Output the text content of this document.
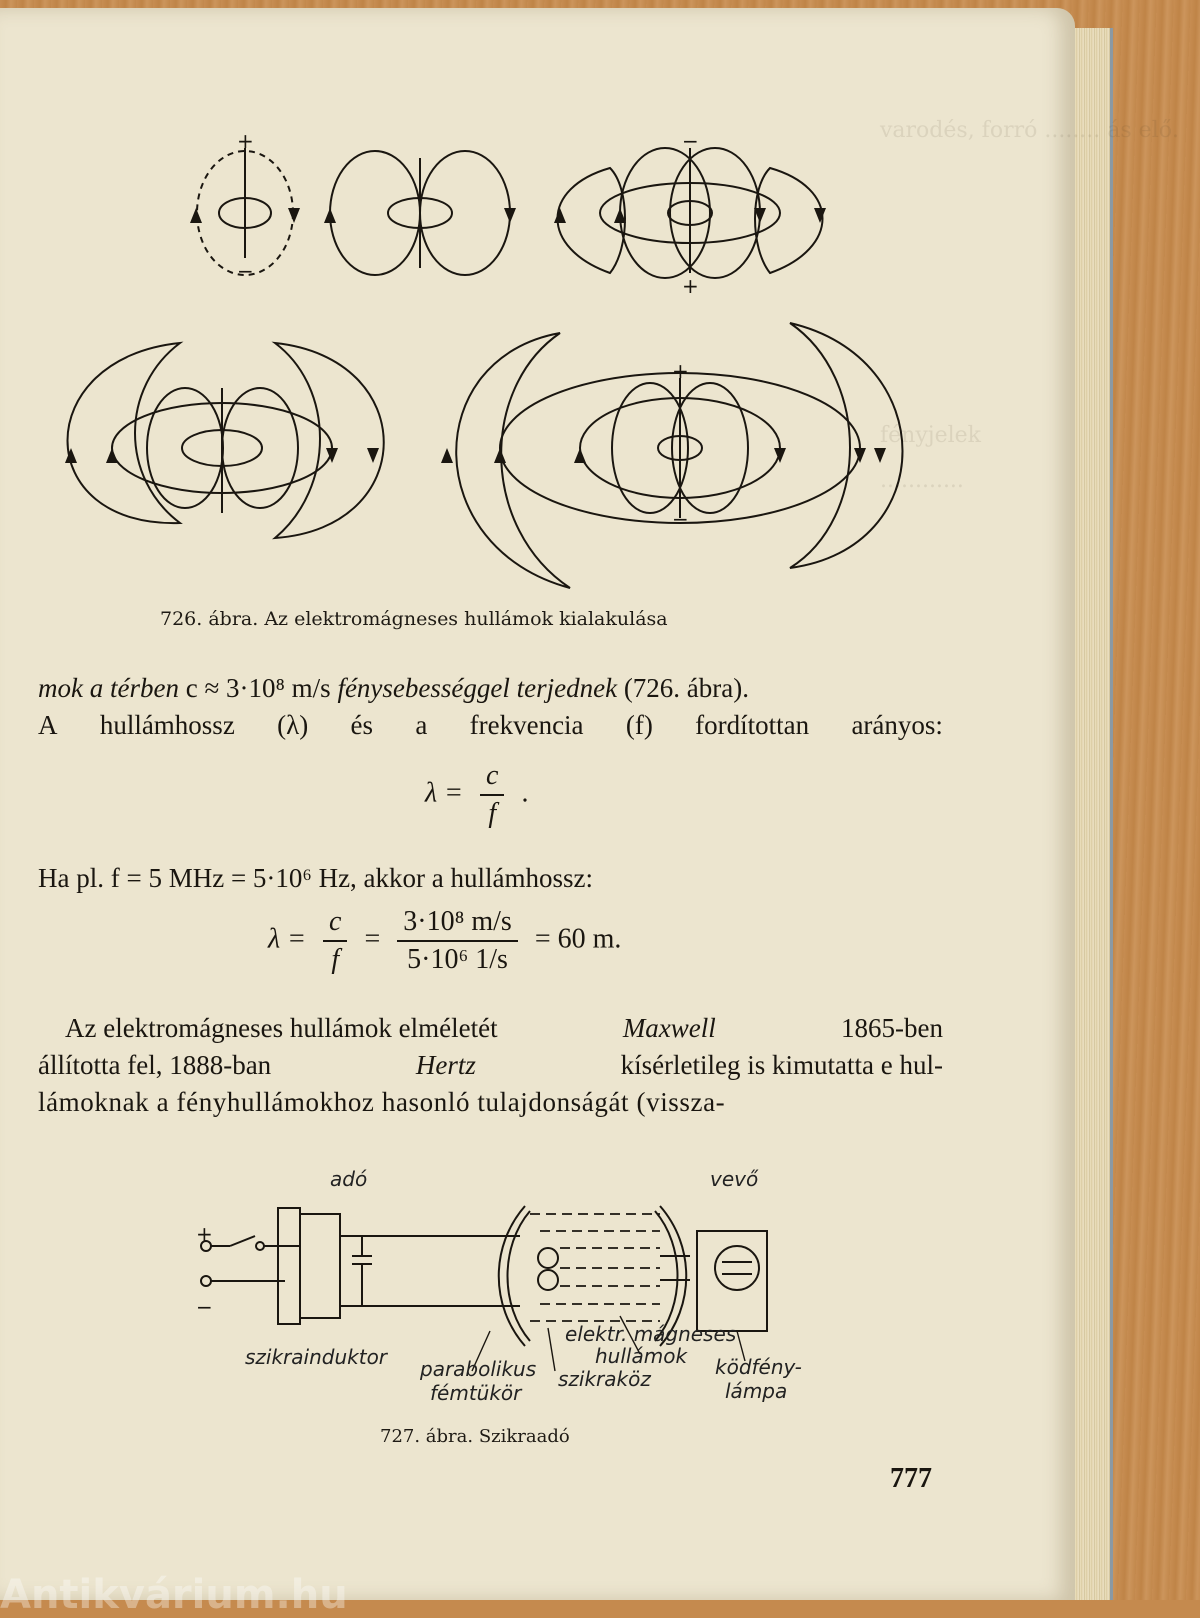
varodés, forró ........ ás elő.
fényjelek
............
+
−
−
+
+
−
726. ábra. Az elektromágneses hullámok kialakulása
mok a térben c ≈ 3·10⁸ m/s fénysebességgel terjednek (726. ábra).
A hullámhossz (λ) és a frekvencia (f) fordítottan arányos:
$\lambda = \frac{c}{f}$ .
Ha pl. f = 5 MHz = 5·10⁶ Hz, akkor a hullámhossz:
$\lambda = \frac{c}{f} = \frac{\text{3·10⁸ m/s}}{\text{5·10⁶ 1/s}} = 60$ m.
Az elektromágneses hullámok elméletét	Maxwell	1865-ben
állította fel, 1888-ban	Hertz	kísérletileg is kimutatta e hul-
lámoknak a fényhullámokhoz hasonló tulajdonságát (vissza-
+
−
adó	vevő
szikrainduktor parabolikus
fémtükör
elektr. mágneses
hullámok
szikraköz	ködfény-
lámpa
727. ábra. Szikraadó
777
Antikvárium.hu
